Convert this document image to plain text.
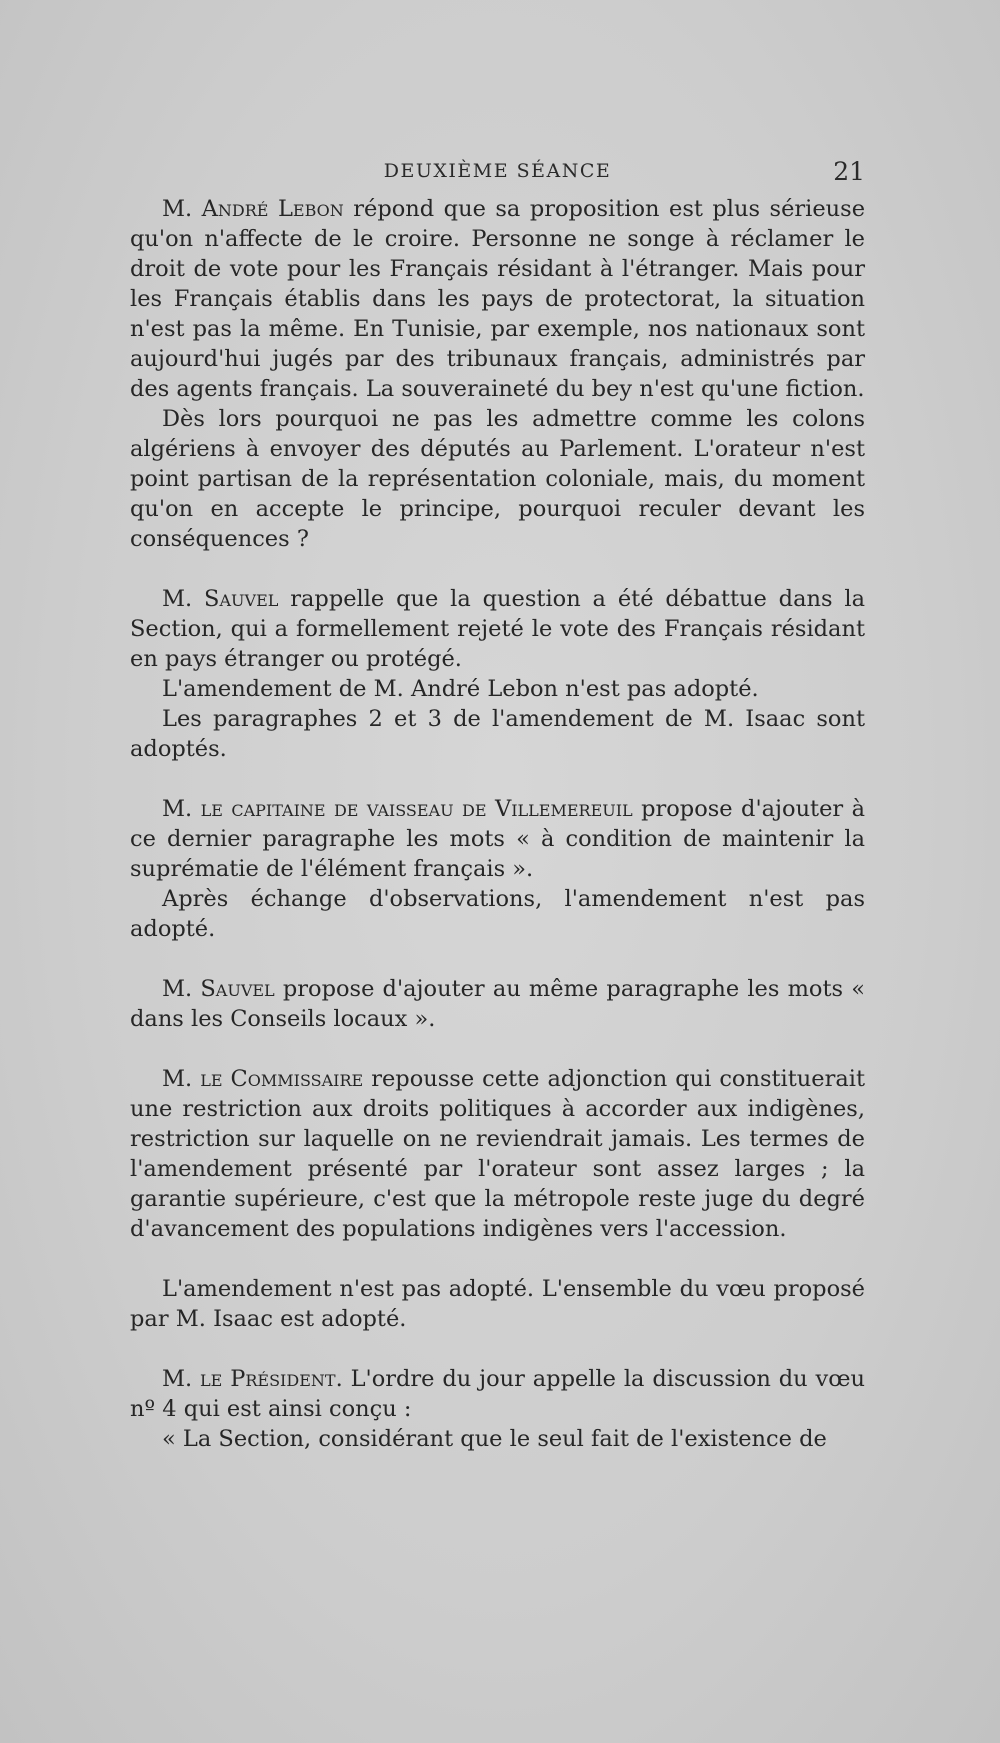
DEUXIÈME SÉANCE	21

M. André Lebon répond que sa proposition est plus sérieuse qu'on n'affecte de le croire. Personne ne songe à réclamer le droit de vote pour les Français résidant à l'étranger. Mais pour les Français établis dans les pays de protectorat, la situation n'est pas la même. En Tunisie, par exemple, nos nationaux sont aujourd'hui jugés par des tribunaux français, administrés par des agents français. La souveraineté du bey n'est qu'une fiction.

Dès lors pourquoi ne pas les admettre comme les colons algériens à envoyer des députés au Parlement. L'orateur n'est point partisan de la représentation coloniale, mais, du moment qu'on en accepte le principe, pourquoi reculer devant les conséquences ?

M. Sauvel rappelle que la question a été débattue dans la Section, qui a formellement rejeté le vote des Français résidant en pays étranger ou protégé.

L'amendement de M. André Lebon n'est pas adopté.

Les paragraphes 2 et 3 de l'amendement de M. Isaac sont adoptés.

M. le capitaine de vaisseau de Villemereuil propose d'ajouter à ce dernier paragraphe les mots « à condition de maintenir la suprématie de l'élément français ».

Après échange d'observations, l'amendement n'est pas adopté.

M. Sauvel propose d'ajouter au même paragraphe les mots « dans les Conseils locaux ».

M. le Commissaire repousse cette adjonction qui constituerait une restriction aux droits politiques à accorder aux indigènes, restriction sur laquelle on ne reviendrait jamais. Les termes de l'amendement présenté par l'orateur sont assez larges ; la garantie supérieure, c'est que la métropole reste juge du degré d'avancement des populations indigènes vers l'accession.

L'amendement n'est pas adopté. L'ensemble du vœu proposé par M. Isaac est adopté.

M. le Président. L'ordre du jour appelle la discussion du vœu nº 4 qui est ainsi conçu :

« La Section, considérant que le seul fait de l'existence de
